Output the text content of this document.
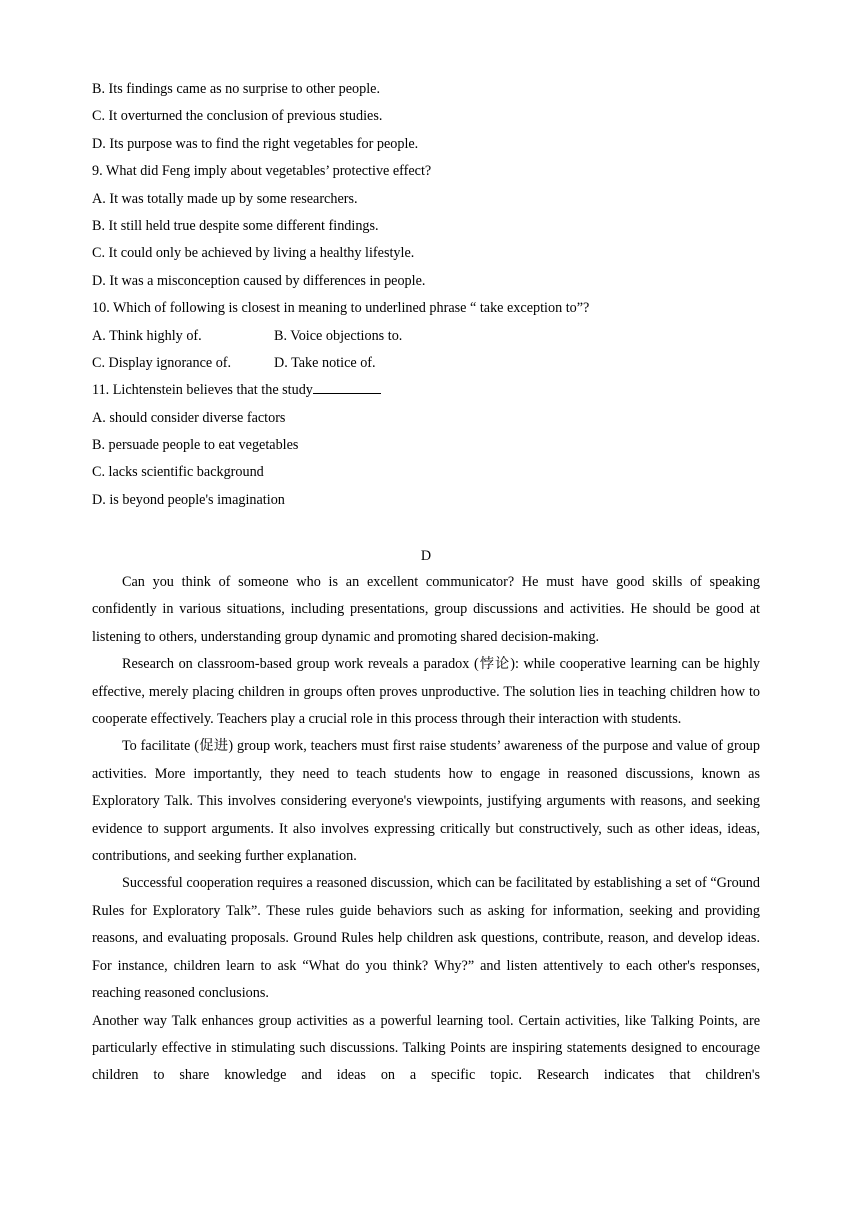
B. Its findings came as no surprise to other people.
C. It overturned the conclusion of previous studies.
D. Its purpose was to find the right vegetables for people.
9. What did Feng imply about vegetables’ protective effect?
A. It was totally made up by some researchers.
B. It still held true despite some different findings.
C. It could only be achieved by living a healthy lifestyle.
D. It was a misconception caused by differences in people.
10. Which of following is closest in meaning to underlined phrase “ take exception to”?
A. Think highly of.	B. Voice objections to.
C. Display ignorance of.	D. Take notice of.
11. Lichtenstein believes that the study
A. should consider diverse factors
B. persuade people to eat vegetables
C. lacks scientific background
D. is beyond people's imagination
D

Can you think of someone who is an excellent communicator? He must have good skills of speaking confidently in various situations, including presentations, group discussions and activities. He should be good at listening to others, understanding group dynamic and promoting shared decision-making.

Research on classroom-based group work reveals a paradox (悖论): while cooperative learning can be highly effective, merely placing children in groups often proves unproductive. The solution lies in teaching children how to cooperate effectively. Teachers play a crucial role in this process through their interaction with students.

To facilitate (促进) group work, teachers must first raise students’ awareness of the purpose and value of group activities. More importantly, they need to teach students how to engage in reasoned discussions, known as Exploratory Talk. This involves considering everyone's viewpoints, justifying arguments with reasons, and seeking evidence to support arguments. It also involves expressing critically but constructively, such as other ideas, ideas, contributions, and seeking further explanation.

Successful cooperation requires a reasoned discussion, which can be facilitated by establishing a set of “Ground Rules for Exploratory Talk”. These rules guide behaviors such as asking for information, seeking and providing reasons, and evaluating proposals. Ground Rules help children ask questions, contribute, reason, and develop ideas. For instance, children learn to ask “What do you think? Why?” and listen attentively to each other's responses, reaching reasoned conclusions.

Another way Talk enhances group activities as a powerful learning tool. Certain activities, like Talking Points, are particularly effective in stimulating such discussions. Talking Points are inspiring statements designed to encourage children to share knowledge and ideas on a specific topic. Research indicates that children's
